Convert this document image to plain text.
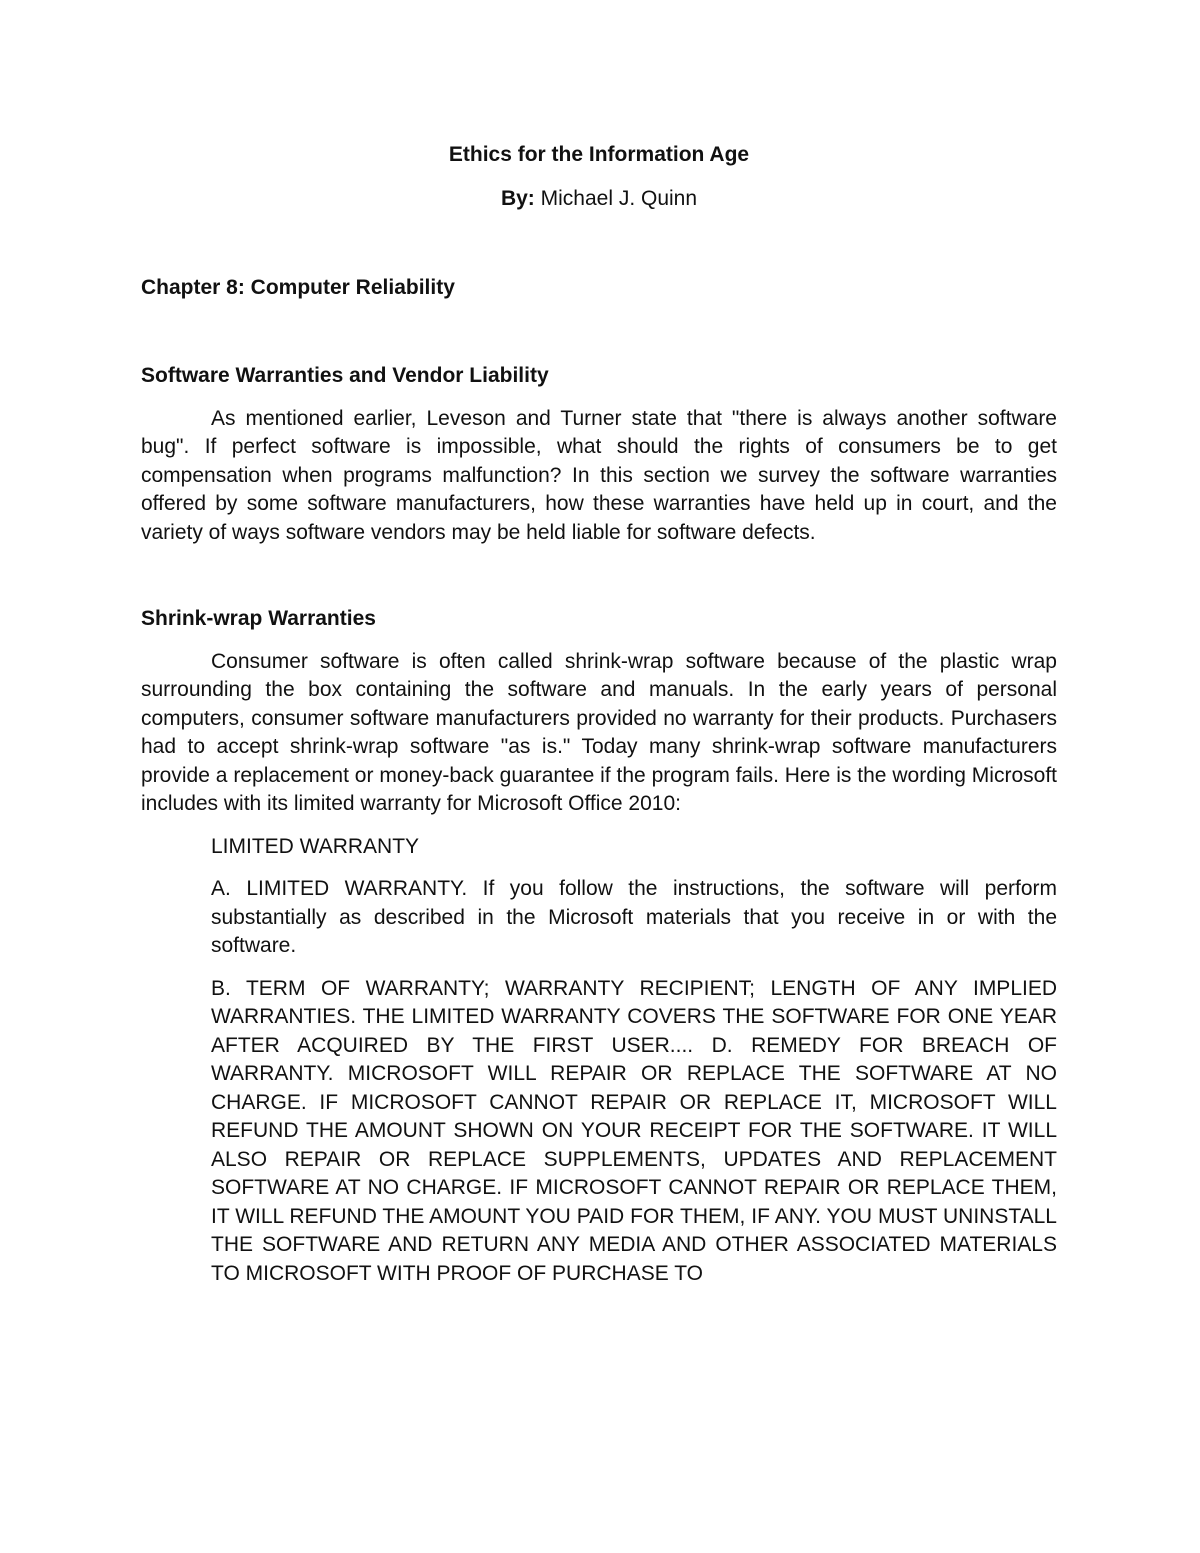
Ethics for the Information Age

By: Michael J. Quinn

Chapter 8: Computer Reliability

Software Warranties and Vendor Liability

As mentioned earlier, Leveson and Turner state that "there is always another software bug". If perfect software is impossible, what should the rights of consumers be to get compensation when programs malfunction? In this section we survey the software warranties offered by some software manufacturers, how these warranties have held up in court, and the variety of ways software vendors may be held liable for software defects.

Shrink-wrap Warranties

Consumer software is often called shrink-wrap software because of the plastic wrap surrounding the box containing the software and manuals. In the early years of personal computers, consumer software manufacturers provided no warranty for their products. Purchasers had to accept shrink-wrap software "as is." Today many shrink-wrap software manufacturers provide a replacement or money-back guarantee if the program fails. Here is the wording Microsoft includes with its limited warranty for Microsoft Office 2010:

LIMITED WARRANTY

A. LIMITED WARRANTY. If you follow the instructions, the software will perform substantially as described in the Microsoft materials that you receive in or with the software.

B. TERM OF WARRANTY; WARRANTY RECIPIENT; LENGTH OF ANY IMPLIED WARRANTIES. THE LIMITED WARRANTY COVERS THE SOFTWARE FOR ONE YEAR AFTER ACQUIRED BY THE FIRST USER.... D. REMEDY FOR BREACH OF WARRANTY. MICROSOFT WILL REPAIR OR REPLACE THE SOFTWARE AT NO CHARGE. IF MICROSOFT CANNOT REPAIR OR REPLACE IT, MICROSOFT WILL REFUND THE AMOUNT SHOWN ON YOUR RECEIPT FOR THE SOFTWARE. IT WILL ALSO REPAIR OR REPLACE SUPPLEMENTS, UPDATES AND REPLACEMENT SOFTWARE AT NO CHARGE. IF MICROSOFT CANNOT REPAIR OR REPLACE THEM, IT WILL REFUND THE AMOUNT YOU PAID FOR THEM, IF ANY. YOU MUST UNINSTALL THE SOFTWARE AND RETURN ANY MEDIA AND OTHER ASSOCIATED MATERIALS TO MICROSOFT WITH PROOF OF PURCHASE TO
